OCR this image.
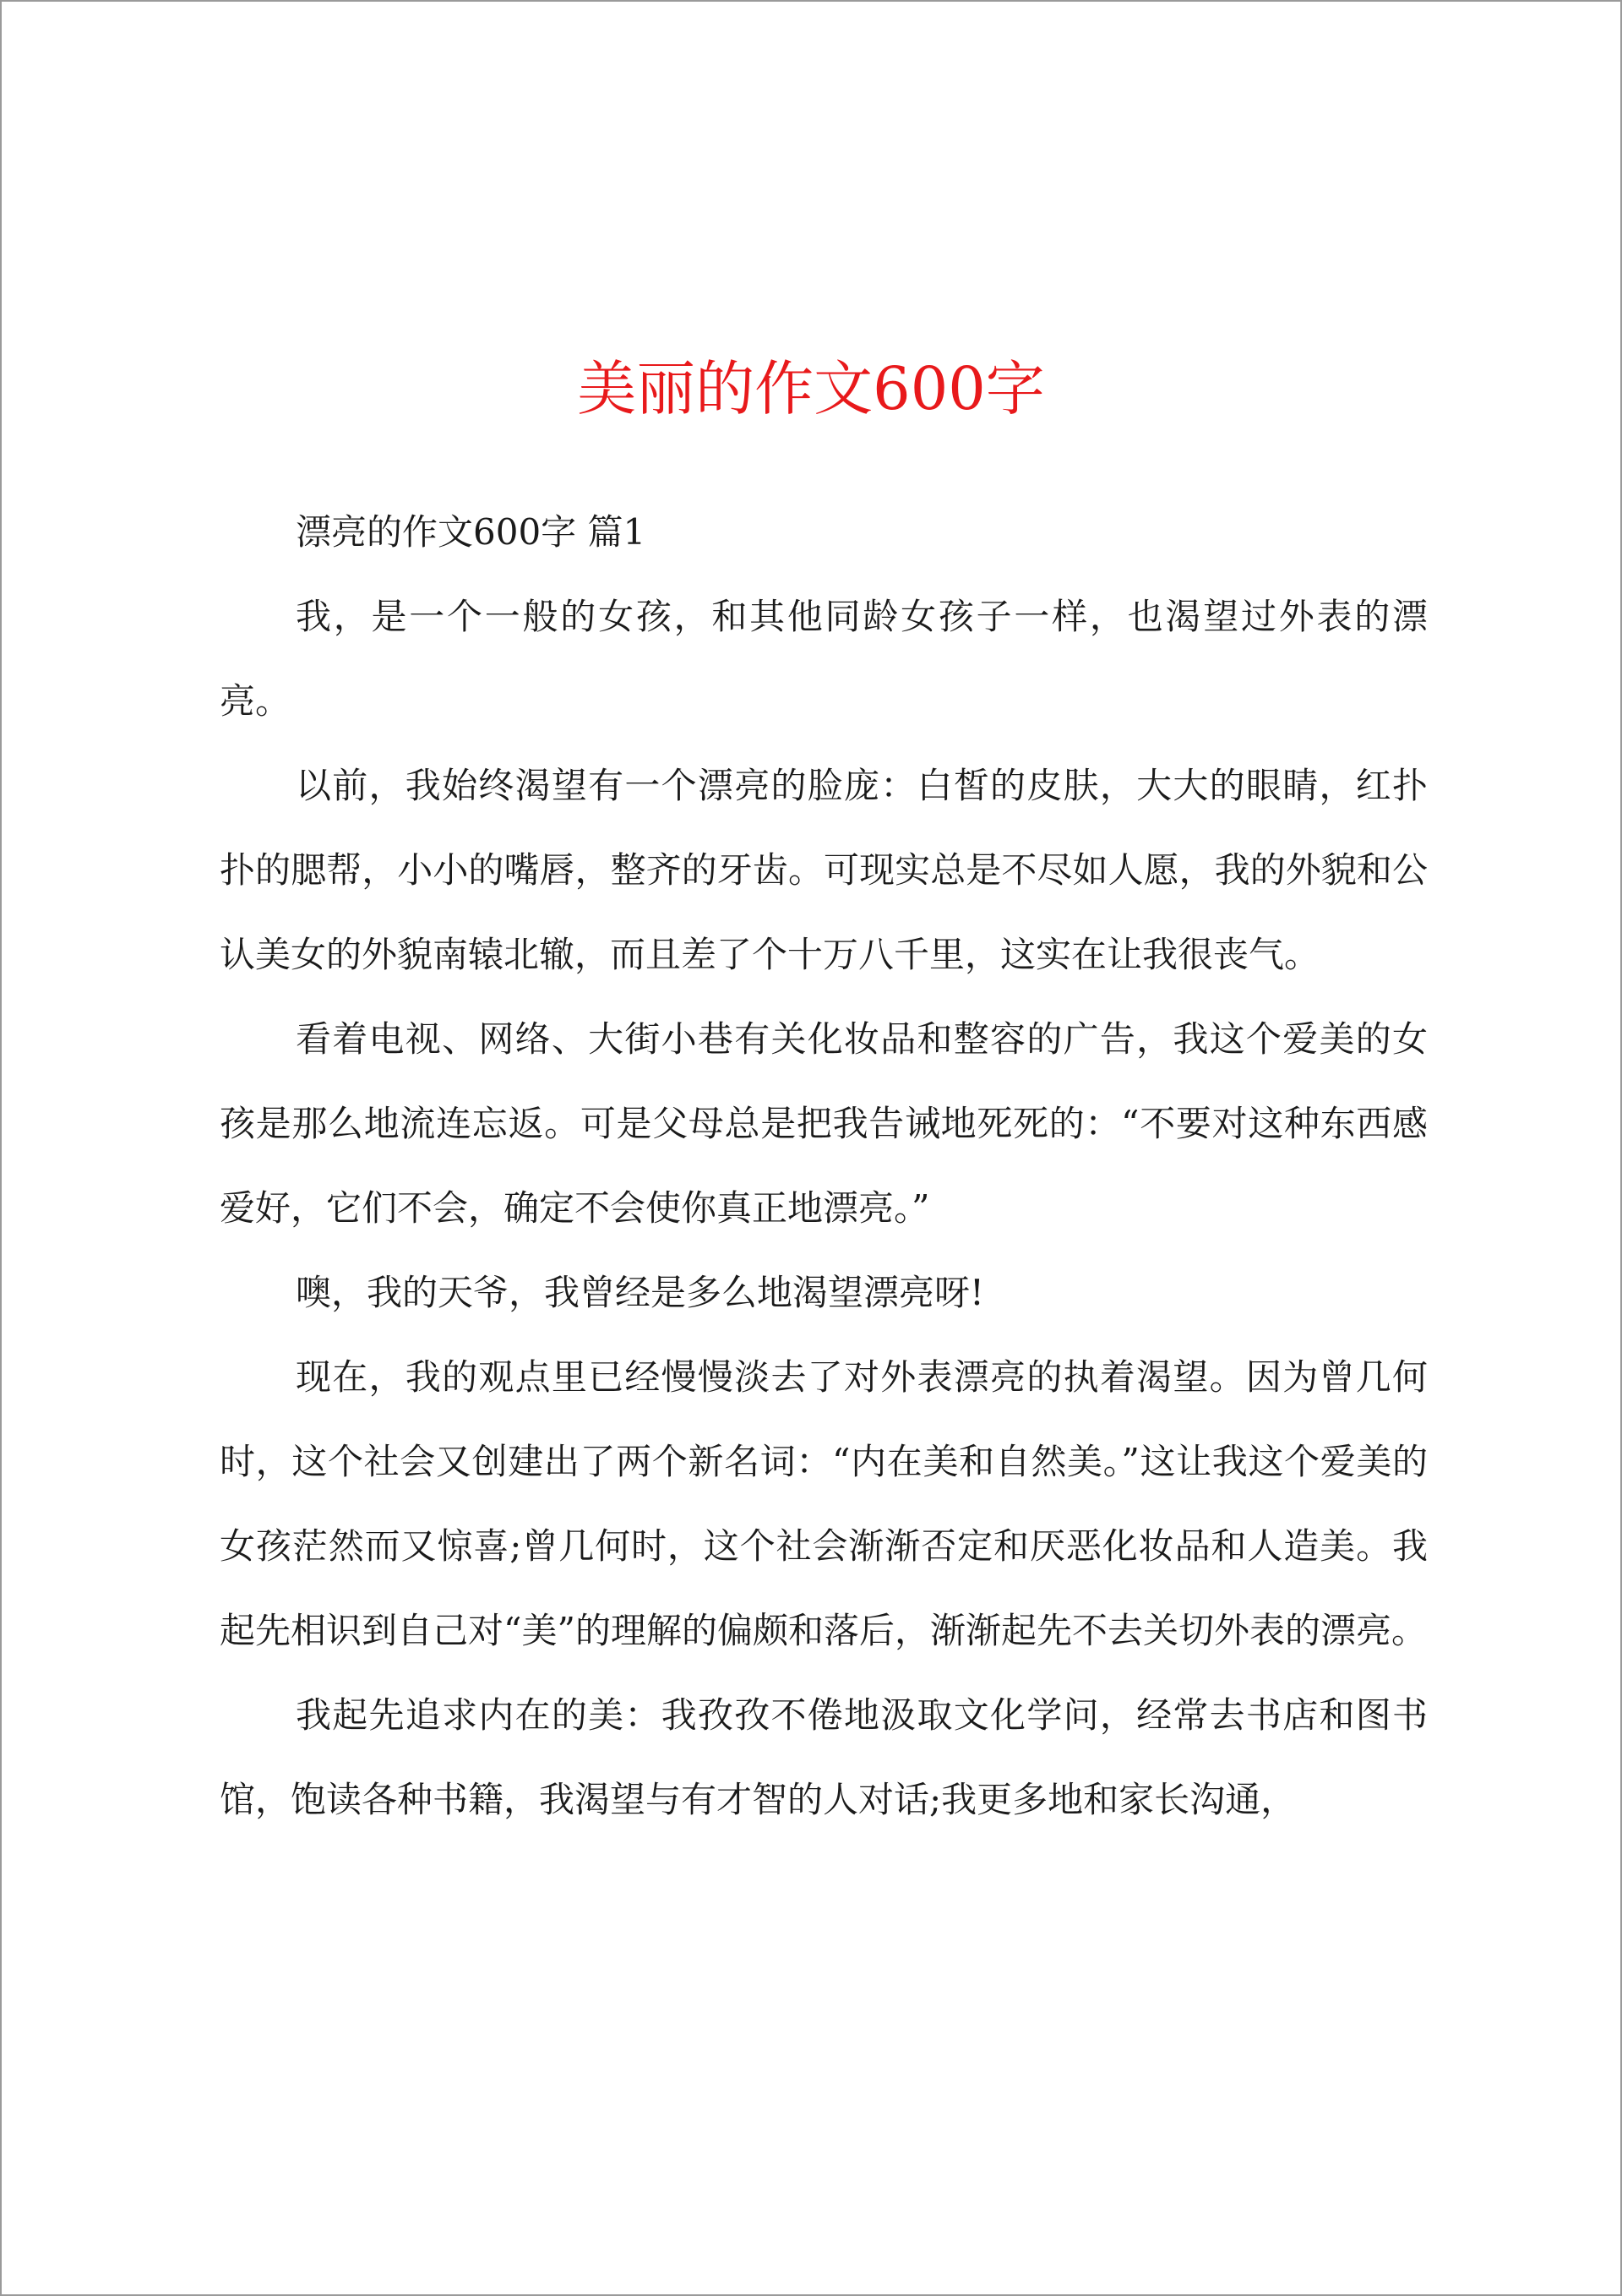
美丽的作文600字

漂亮的作文600字 篇1

我，是一个一般的女孩，和其他同龄女孩子一样，也渴望过外表的漂亮。

以前，我始终渴望有一个漂亮的脸庞：白皙的皮肤，大大的眼睛，红扑扑的腮帮，小小的嘴唇，整齐的牙齿。可现实总是不尽如人愿，我的外貌和公认美女的外貌南辕北辙，而且差了个十万八千里，这实在让我很丧气。

看着电视、网络、大街小巷有关化妆品和整容的广告，我这个爱美的女孩是那么地流连忘返。可是父母总是把我告诫地死死的：“不要对这种东西感爱好，它们不会，确定不会使你真正地漂亮。”

噢，我的天爷，我曾经是多么地渴望漂亮呀!

现在，我的观点里已经慢慢淡去了对外表漂亮的执着渴望。因为曾几何时，这个社会又创建出了两个新名词：“内在美和自然美。”这让我这个爱美的女孩茫然而又惊喜;曾几何时，这个社会渐渐否定和厌恶化妆品和人造美。我起先相识到自己对“美”的理解的偏颇和落后，渐渐起先不去关切外表的漂亮。

我起先追求内在的美：我孜孜不倦地汲取文化学问，经常去书店和图书馆，饱读各种书籍，我渴望与有才智的人对话;我更多地和家长沟通，
